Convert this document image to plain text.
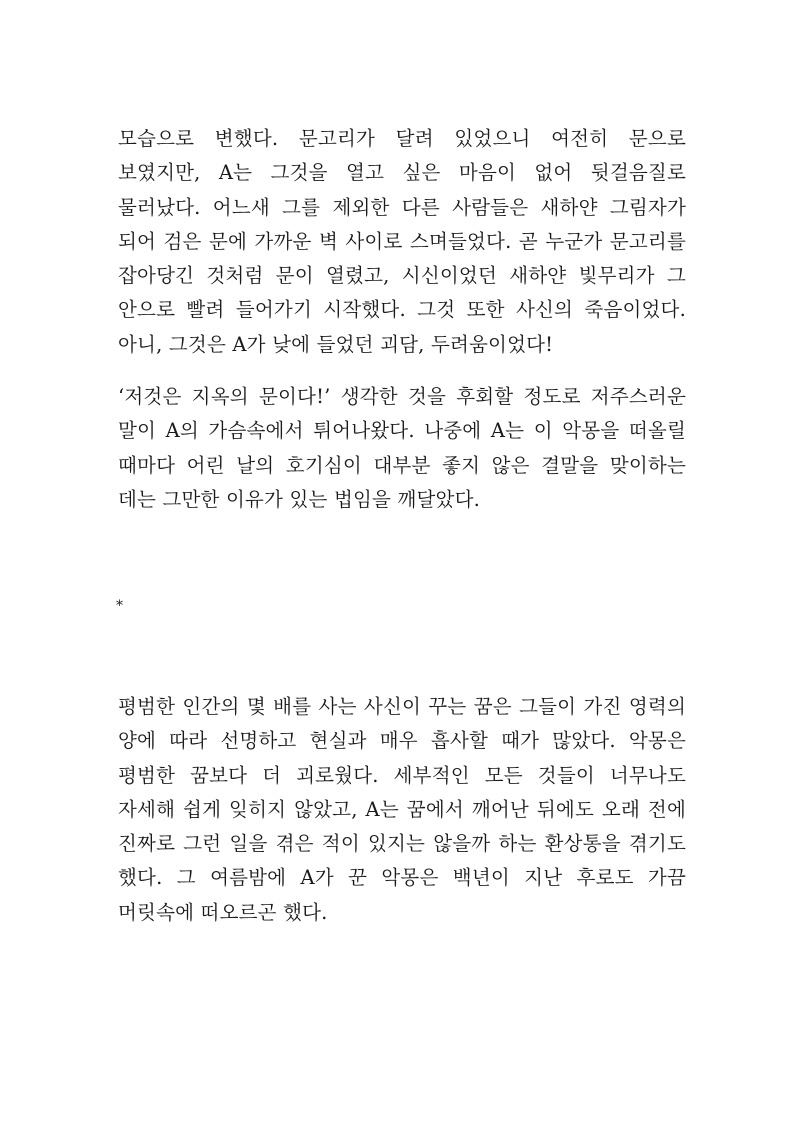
모습으로 변했다. 문고리가 달려 있었으니 여전히 문으로 보였지만, A는 그것을 열고 싶은 마음이 없어 뒷걸음질로 물러났다. 어느새 그를 제외한 다른 사람들은 새하얀 그림자가 되어 검은 문에 가까운 벽 사이로 스며들었다. 곧 누군가 문고리를 잡아당긴 것처럼 문이 열렸고, 시신이었던 새하얀 빛무리가 그 안으로 빨려 들어가기 시작했다. 그것 또한 사신의 죽음이었다. 아니, 그것은 A가 낮에 들었던 괴담, 두려움이었다!

‘저것은 지옥의 문이다!’ 생각한 것을 후회할 정도로 저주스러운 말이 A의 가슴속에서 튀어나왔다. 나중에 A는 이 악몽을 떠올릴 때마다 어린 날의 호기심이 대부분 좋지 않은 결말을 맞이하는 데는 그만한 이유가 있는 법임을 깨달았다.

*

평범한 인간의 몇 배를 사는 사신이 꾸는 꿈은 그들이 가진 영력의 양에 따라 선명하고 현실과 매우 흡사할 때가 많았다. 악몽은 평범한 꿈보다 더 괴로웠다. 세부적인 모든 것들이 너무나도 자세해 쉽게 잊히지 않았고, A는 꿈에서 깨어난 뒤에도 오래 전에 진짜로 그런 일을 겪은 적이 있지는 않을까 하는 환상통을 겪기도 했다. 그 여름밤에 A가 꾼 악몽은 백년이 지난 후로도 가끔 머릿속에 떠오르곤 했다.
